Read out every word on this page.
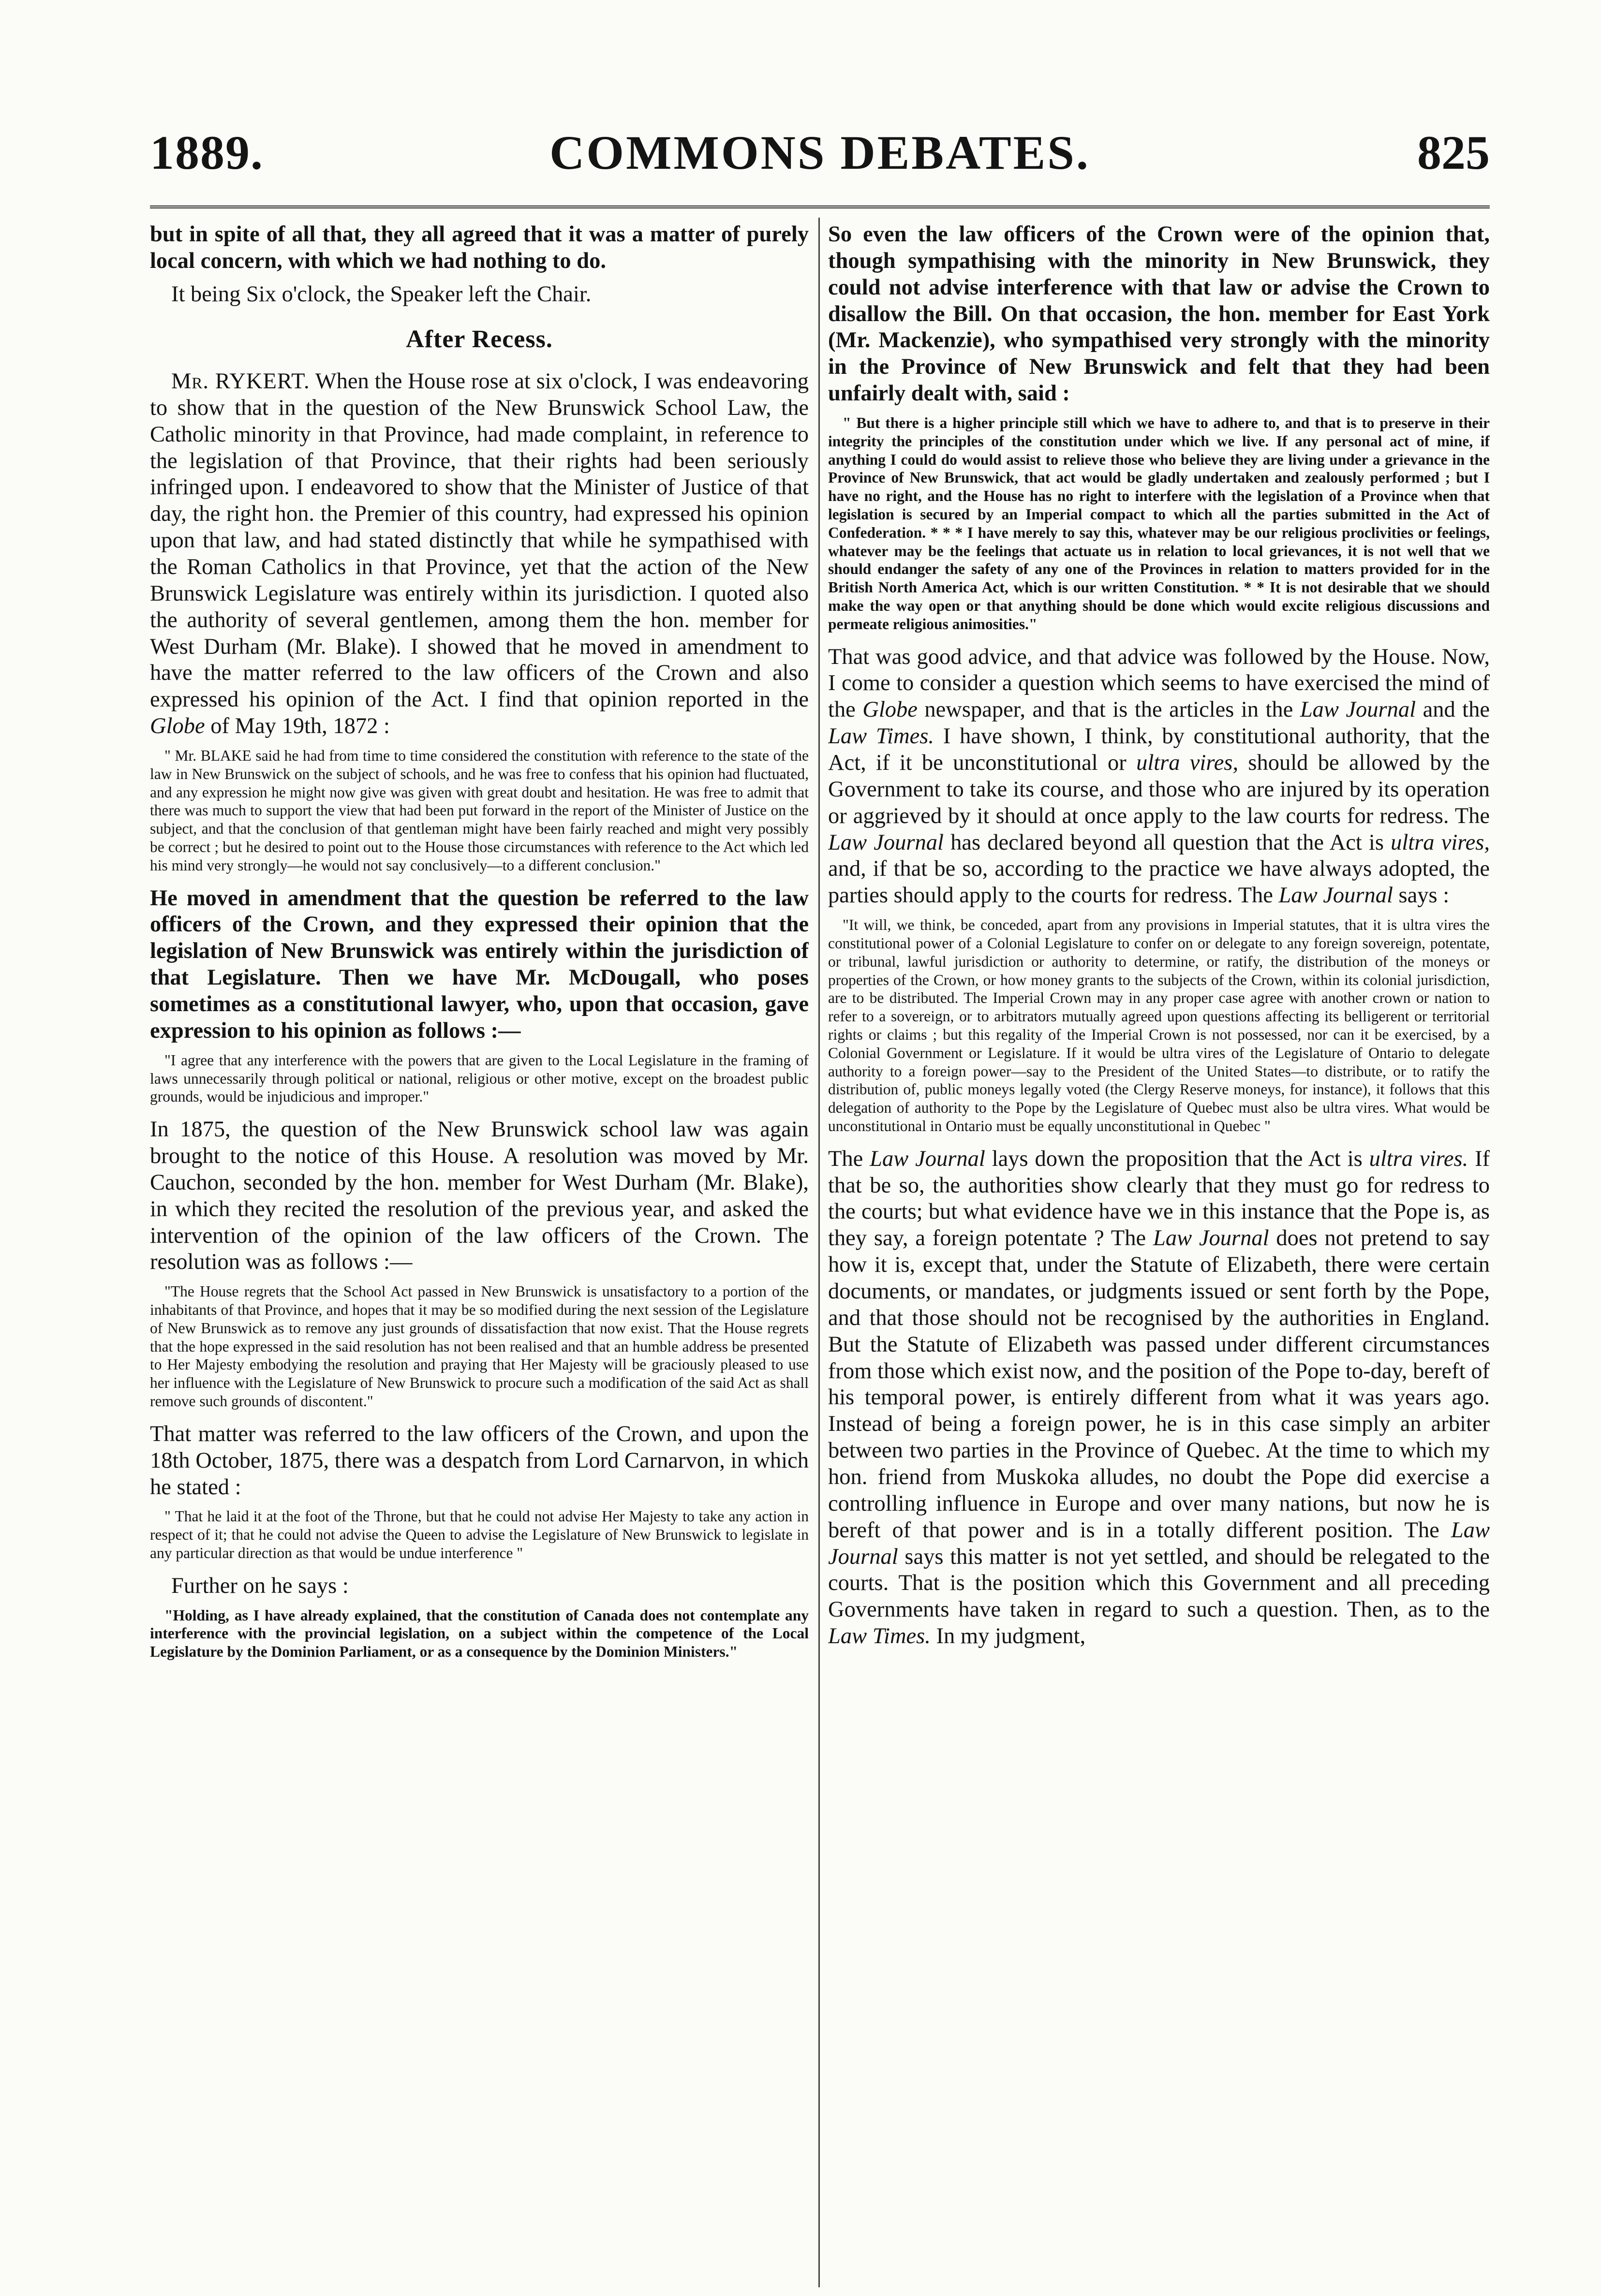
1889.	COMMONS DEBATES.	825

but in spite of all that, they all agreed that it was a matter of purely local concern, with which we had nothing to do.

It being Six o'clock, the Speaker left the Chair.

After Recess.

Mr. RYKERT. When the House rose at six o'clock, I was endeavoring to show that in the question of the New Brunswick School Law, the Catholic minority in that Province, had made complaint, in reference to the legislation of that Province, that their rights had been seriously infringed upon. I endeavored to show that the Minister of Justice of that day, the right hon. the Premier of this country, had expressed his opinion upon that law, and had stated distinctly that while he sympathised with the Roman Catholics in that Province, yet that the action of the New Brunswick Legislature was entirely within its jurisdiction. I quoted also the authority of several gentlemen, among them the hon. member for West Durham (Mr. Blake). I showed that he moved in amendment to have the matter referred to the law officers of the Crown and also expressed his opinion of the Act. I find that opinion reported in the Globe of May 19th, 1872 :

" Mr. BLAKE said he had from time to time considered the constitution with reference to the state of the law in New Brunswick on the subject of schools, and he was free to confess that his opinion had fluctuated, and any expression he might now give was given with great doubt and hesitation. He was free to admit that there was much to support the view that had been put forward in the report of the Minister of Justice on the subject, and that the conclusion of that gentleman might have been fairly reached and might very possibly be correct ; but he desired to point out to the House those circumstances with reference to the Act which led his mind very strongly—he would not say conclusively—to a different conclusion."

He moved in amendment that the question be referred to the law officers of the Crown, and they expressed their opinion that the legislation of New Brunswick was entirely within the jurisdiction of that Legislature. Then we have Mr. McDougall, who poses sometimes as a constitutional lawyer, who, upon that occasion, gave expression to his opinion as follows :—

"I agree that any interference with the powers that are given to the Local Legislature in the framing of laws unnecessarily through political or national, religious or other motive, except on the broadest public grounds, would be injudicious and improper."

In 1875, the question of the New Brunswick school law was again brought to the notice of this House. A resolution was moved by Mr. Cauchon, seconded by the hon. member for West Durham (Mr. Blake), in which they recited the resolution of the previous year, and asked the intervention of the opinion of the law officers of the Crown. The resolution was as follows :—

"The House regrets that the School Act passed in New Brunswick is unsatisfactory to a portion of the inhabitants of that Province, and hopes that it may be so modified during the next session of the Legislature of New Brunswick as to remove any just grounds of dissatisfaction that now exist. That the House regrets that the hope expressed in the said resolution has not been realised and that an humble address be presented to Her Majesty embodying the resolution and praying that Her Majesty will be graciously pleased to use her influence with the Legislature of New Brunswick to procure such a modification of the said Act as shall remove such grounds of discontent."

That matter was referred to the law officers of the Crown, and upon the 18th October, 1875, there was a despatch from Lord Carnarvon, in which he stated :

" That he laid it at the foot of the Throne, but that he could not advise Her Majesty to take any action in respect of it; that he could not advise the Queen to advise the Legislature of New Brunswick to legislate in any particular direction as that would be undue interference "

Further on he says :

"Holding, as I have already explained, that the constitution of Canada does not contemplate any interference with the provincial legislation, on a subject within the competence of the Local Legislature by the Dominion Parliament, or as a consequence by the Dominion Ministers."

So even the law officers of the Crown were of the opinion that, though sympathising with the minority in New Brunswick, they could not advise interference with that law or advise the Crown to disallow the Bill. On that occasion, the hon. member for East York (Mr. Mackenzie), who sympathised very strongly with the minority in the Province of New Brunswick and felt that they had been unfairly dealt with, said :

" But there is a higher principle still which we have to adhere to, and that is to preserve in their integrity the principles of the constitution under which we live. If any personal act of mine, if anything I could do would assist to relieve those who believe they are living under a grievance in the Province of New Brunswick, that act would be gladly undertaken and zealously performed ; but I have no right, and the House has no right to interfere with the legislation of a Province when that legislation is secured by an Imperial compact to which all the parties submitted in the Act of Confederation. * * * I have merely to say this, whatever may be our religious proclivities or feelings, whatever may be the feelings that actuate us in relation to local grievances, it is not well that we should endanger the safety of any one of the Provinces in relation to matters provided for in the British North America Act, which is our written Constitution. * * It is not desirable that we should make the way open or that anything should be done which would excite religious discussions and permeate religious animosities."

That was good advice, and that advice was followed by the House. Now, I come to consider a question which seems to have exercised the mind of the Globe newspaper, and that is the articles in the Law Journal and the Law Times. I have shown, I think, by constitutional authority, that the Act, if it be unconstitutional or ultra vires, should be allowed by the Government to take its course, and those who are injured by its operation or aggrieved by it should at once apply to the law courts for redress. The Law Journal has declared beyond all question that the Act is ultra vires, and, if that be so, according to the practice we have always adopted, the parties should apply to the courts for redress. The Law Journal says :

"It will, we think, be conceded, apart from any provisions in Imperial statutes, that it is ultra vires the constitutional power of a Colonial Legislature to confer on or delegate to any foreign sovereign, potentate, or tribunal, lawful jurisdiction or authority to determine, or ratify, the distribution of the moneys or properties of the Crown, or how money grants to the subjects of the Crown, within its colonial jurisdiction, are to be distributed. The Imperial Crown may in any proper case agree with another crown or nation to refer to a sovereign, or to arbitrators mutually agreed upon questions affecting its belligerent or territorial rights or claims ; but this regality of the Imperial Crown is not possessed, nor can it be exercised, by a Colonial Government or Legislature. If it would be ultra vires of the Legislature of Ontario to delegate authority to a foreign power—say to the President of the United States—to distribute, or to ratify the distribution of, public moneys legally voted (the Clergy Reserve moneys, for instance), it follows that this delegation of authority to the Pope by the Legislature of Quebec must also be ultra vires. What would be unconstitutional in Ontario must be equally unconstitutional in Quebec "

The Law Journal lays down the proposition that the Act is ultra vires. If that be so, the authorities show clearly that they must go for redress to the courts; but what evidence have we in this instance that the Pope is, as they say, a foreign potentate ? The Law Journal does not pretend to say how it is, except that, under the Statute of Elizabeth, there were certain documents, or mandates, or judgments issued or sent forth by the Pope, and that those should not be recognised by the authorities in England. But the Statute of Elizabeth was passed under different circumstances from those which exist now, and the position of the Pope to-day, bereft of his temporal power, is entirely different from what it was years ago. Instead of being a foreign power, he is in this case simply an arbiter between two parties in the Province of Quebec. At the time to which my hon. friend from Muskoka alludes, no doubt the Pope did exercise a controlling influence in Europe and over many nations, but now he is bereft of that power and is in a totally different position. The Law Journal says this matter is not yet settled, and should be relegated to the courts. That is the position which this Government and all preceding Governments have taken in regard to such a question. Then, as to the Law Times. In my judgment,
